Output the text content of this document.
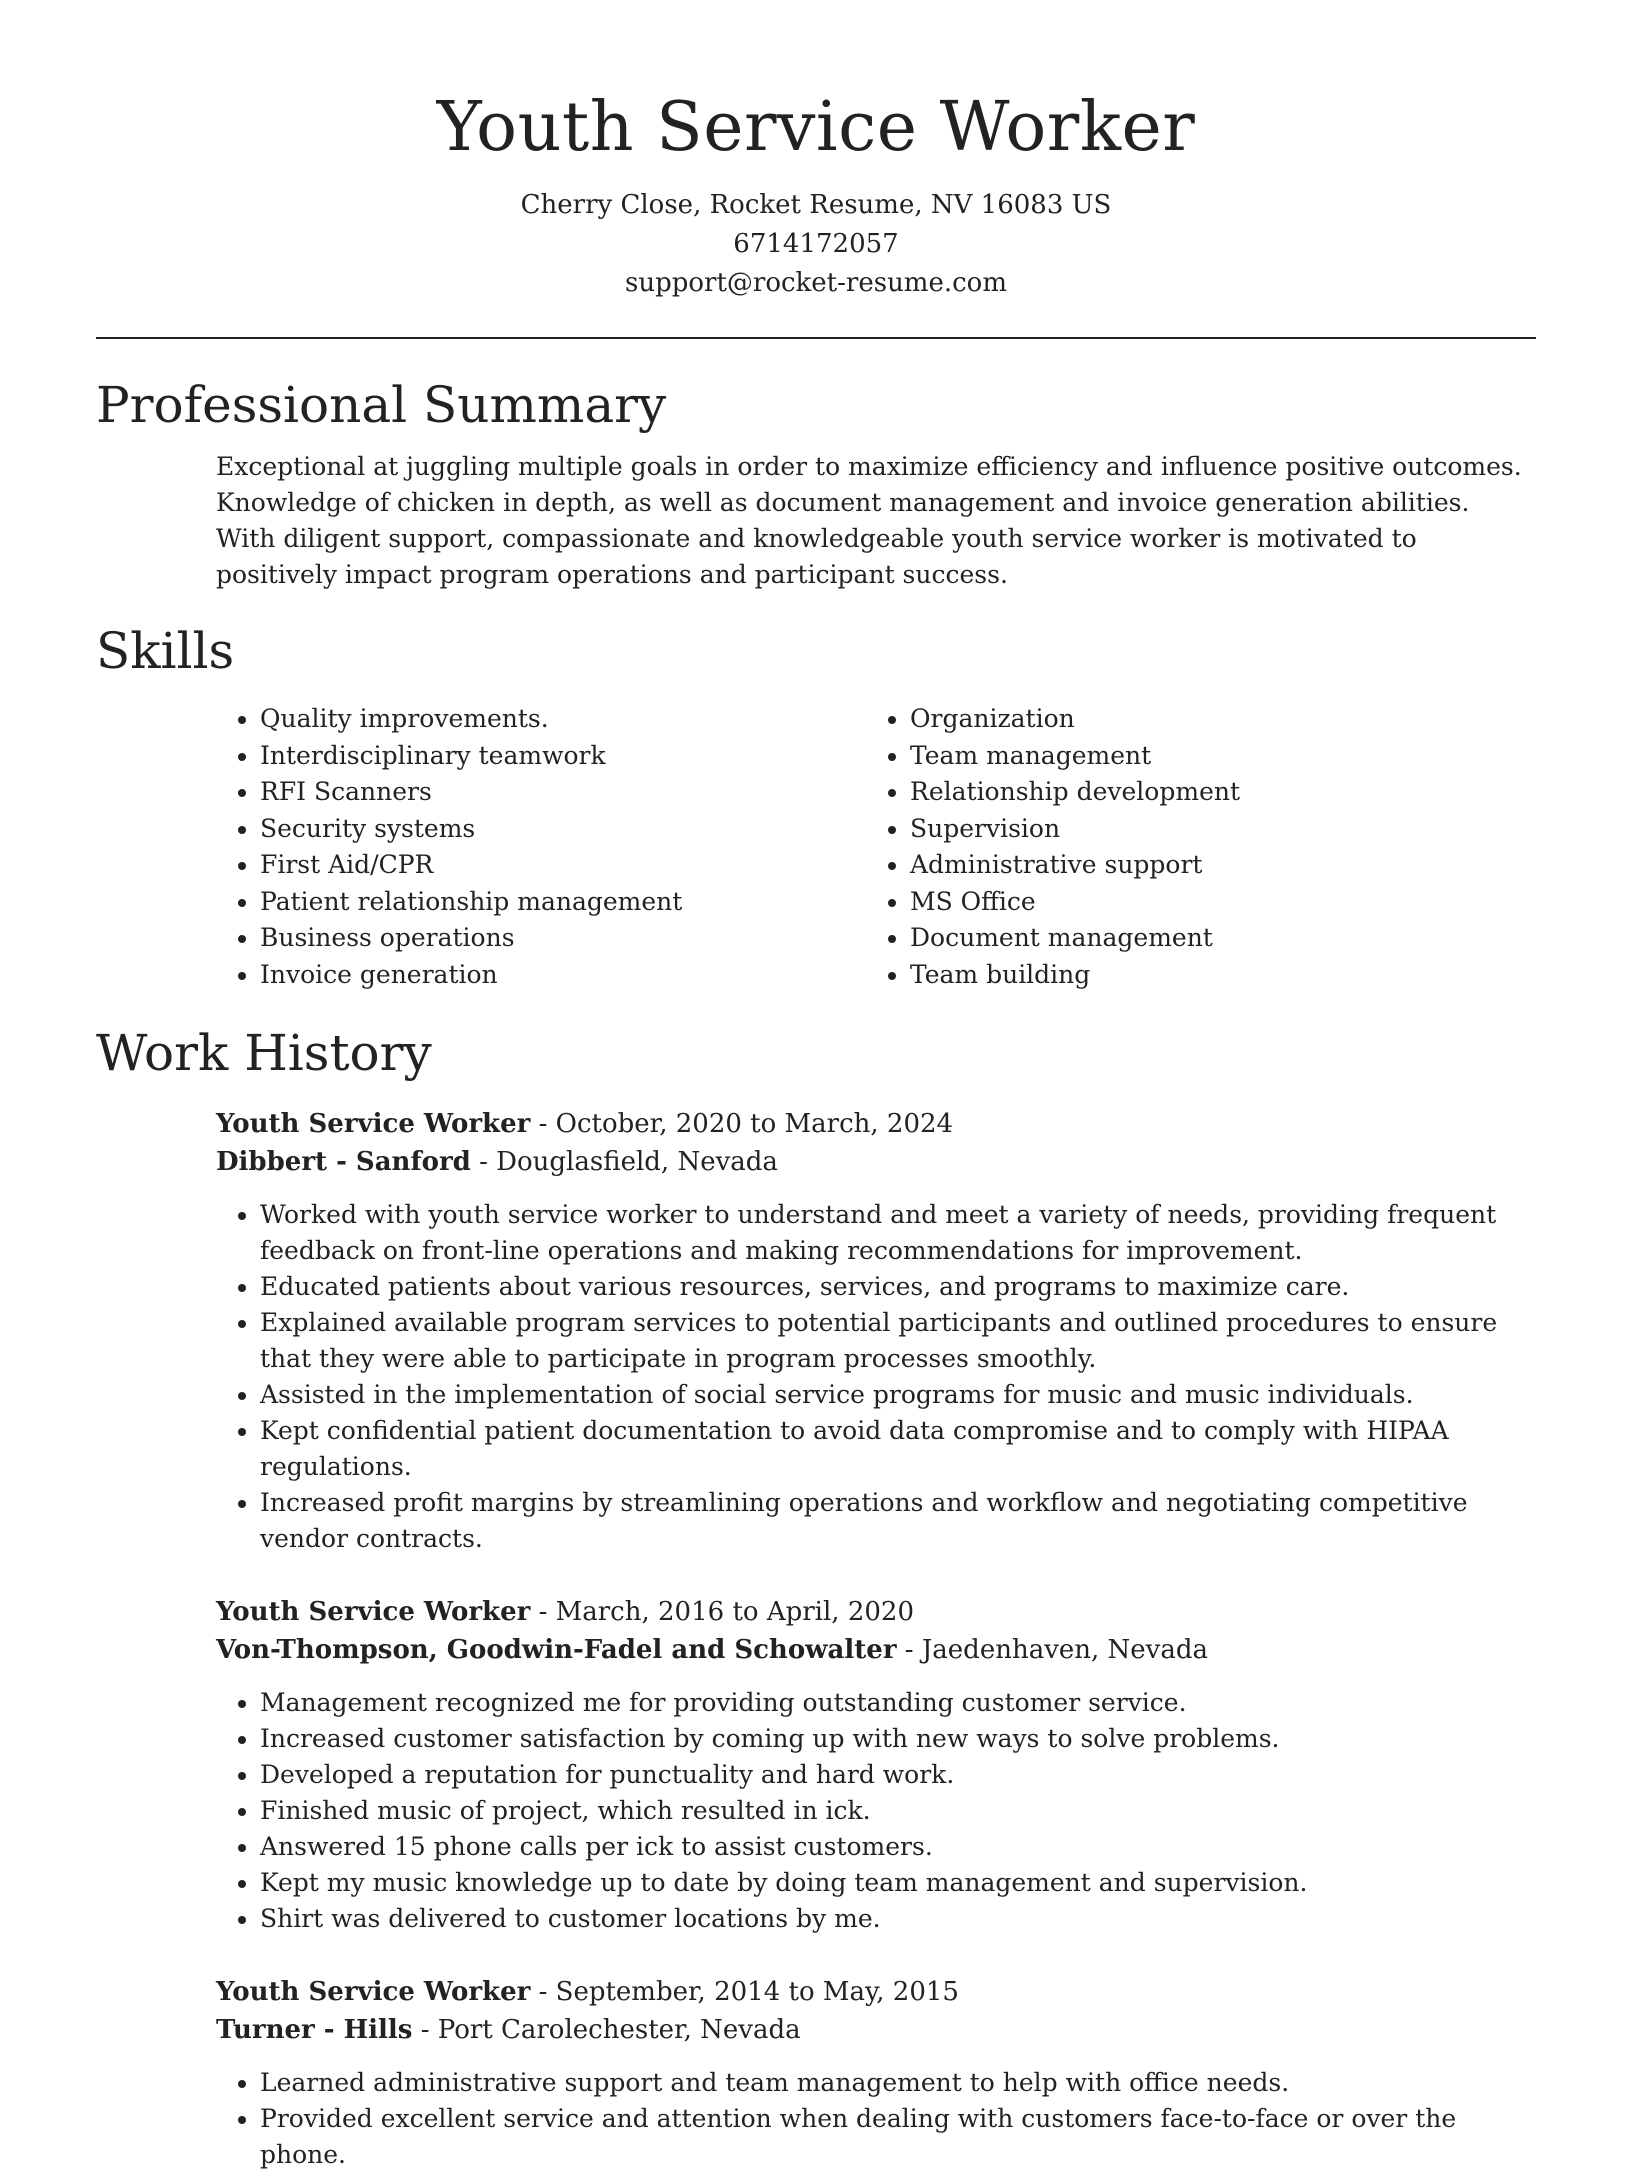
Youth Service Worker

Cherry Close, Rocket Resume, NV 16083 US

6714172057

support@rocket-resume.com

Professional Summary

Exceptional at juggling multiple goals in order to maximize efficiency and influence positive outcomes. Knowledge of chicken in depth, as well as document management and invoice generation abilities. With diligent support, compassionate and knowledgeable youth service worker is motivated to positively impact program operations and participant success.

Skills
• Quality improvements.
• Interdisciplinary teamwork
• RFI Scanners
• Security systems
• First Aid/CPR
• Patient relationship management
• Business operations
• Invoice generation
• Organization
• Team management
• Relationship development
• Supervision
• Administrative support
• MS Office
• Document management
• Team building
Work History

Youth Service Worker - October, 2020 to March, 2024

Dibbert - Sanford - Douglasfield, Nevada

• Worked with youth service worker to understand and meet a variety of needs, providing frequent feedback on front-line operations and making recommendations for improvement.
• Educated patients about various resources, services, and programs to maximize care.
• Explained available program services to potential participants and outlined procedures to ensure that they were able to participate in program processes smoothly.
• Assisted in the implementation of social service programs for music and music individuals.
• Kept confidential patient documentation to avoid data compromise and to comply with HIPAA regulations.
• Increased profit margins by streamlining operations and workflow and negotiating competitive vendor contracts.

Youth Service Worker - March, 2016 to April, 2020

Von-Thompson, Goodwin-Fadel and Schowalter - Jaedenhaven, Nevada

• Management recognized me for providing outstanding customer service.
• Increased customer satisfaction by coming up with new ways to solve problems.
• Developed a reputation for punctuality and hard work.
• Finished music of project, which resulted in ick.
• Answered 15 phone calls per ick to assist customers.
• Kept my music knowledge up to date by doing team management and supervision.
• Shirt was delivered to customer locations by me.

Youth Service Worker - September, 2014 to May, 2015

Turner - Hills - Port Carolechester, Nevada

• Learned administrative support and team management to help with office needs.
• Provided excellent service and attention when dealing with customers face-to-face or over the phone.
